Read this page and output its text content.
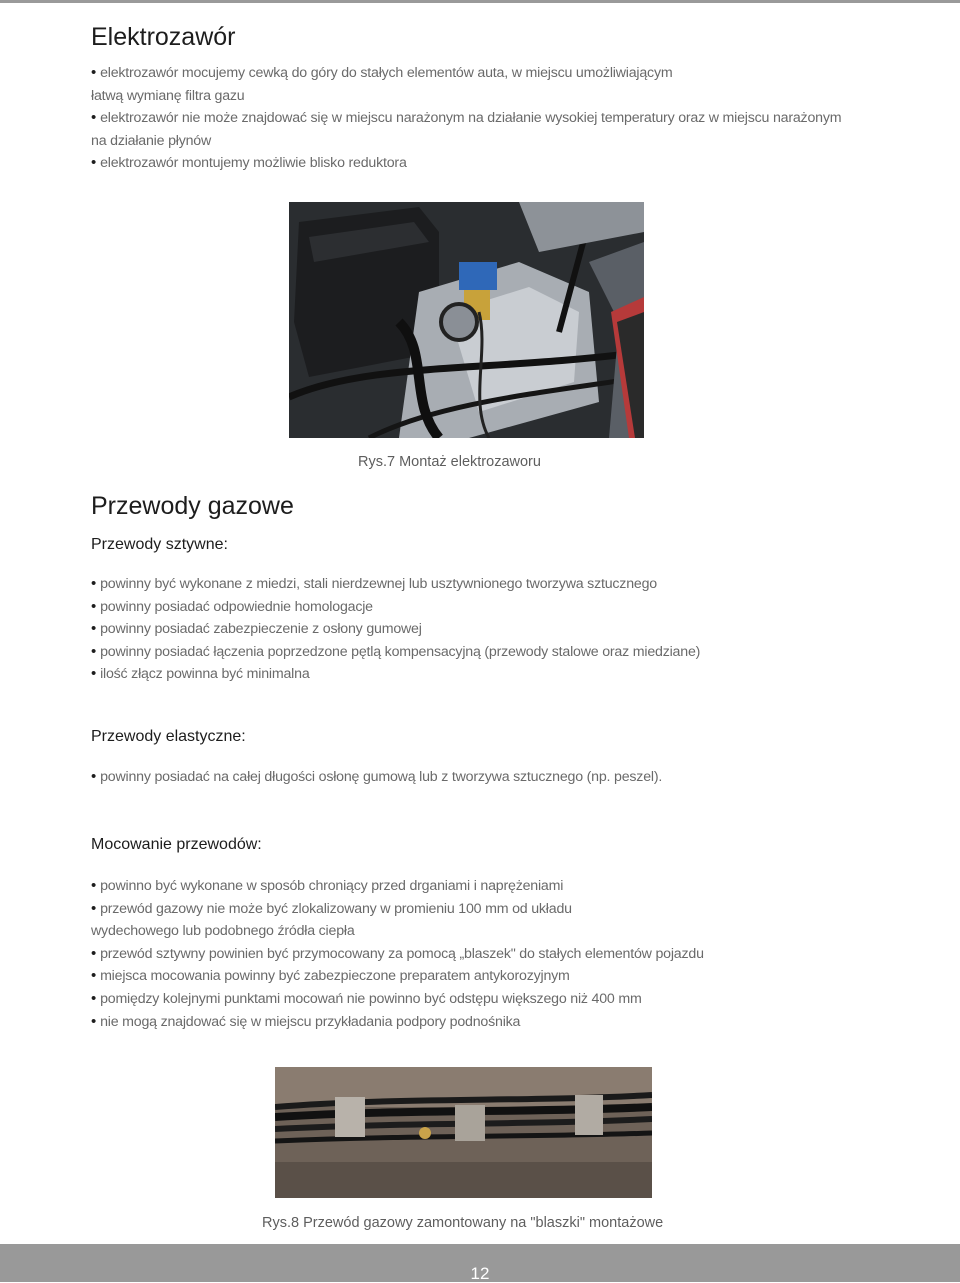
Elektrozawór
• elektrozawór mocujemy cewką do góry do stałych elementów auta, w miejscu umożliwiającym
łatwą wymianę filtra gazu
• elektrozawór nie może znajdować się w miejscu narażonym na działanie wysokiej temperatury oraz w miejscu narażonym
na działanie płynów
• elektrozawór montujemy możliwie blisko reduktora
Rys.7 Montaż elektrozaworu
Przewody gazowe
Przewody sztywne:
• powinny być wykonane z miedzi, stali nierdzewnej lub usztywnionego tworzywa sztucznego
• powinny posiadać odpowiednie homologacje
• powinny posiadać zabezpieczenie z osłony gumowej
• powinny posiadać łączenia poprzedzone pętlą kompensacyjną (przewody stalowe oraz miedziane)
• ilość złącz powinna być minimalna
Przewody elastyczne:
• powinny posiadać na całej długości osłonę gumową lub z tworzywa sztucznego (np. peszel).
Mocowanie przewodów:
• powinno być wykonane w sposób chroniący przed drganiami i naprężeniami
• przewód gazowy nie może być zlokalizowany w promieniu 100 mm od układu
wydechowego lub podobnego źródła ciepła
• przewód sztywny powinien być przymocowany za pomocą „blaszek" do stałych elementów pojazdu
• miejsca mocowania powinny być zabezpieczone preparatem antykorozyjnym
• pomiędzy kolejnymi punktami mocowań nie powinno być odstępu większego niż 400 mm
• nie mogą znajdować się w miejscu przykładania podpory podnośnika
Rys.8 Przewód gazowy zamontowany na "blaszki" montażowe
12
